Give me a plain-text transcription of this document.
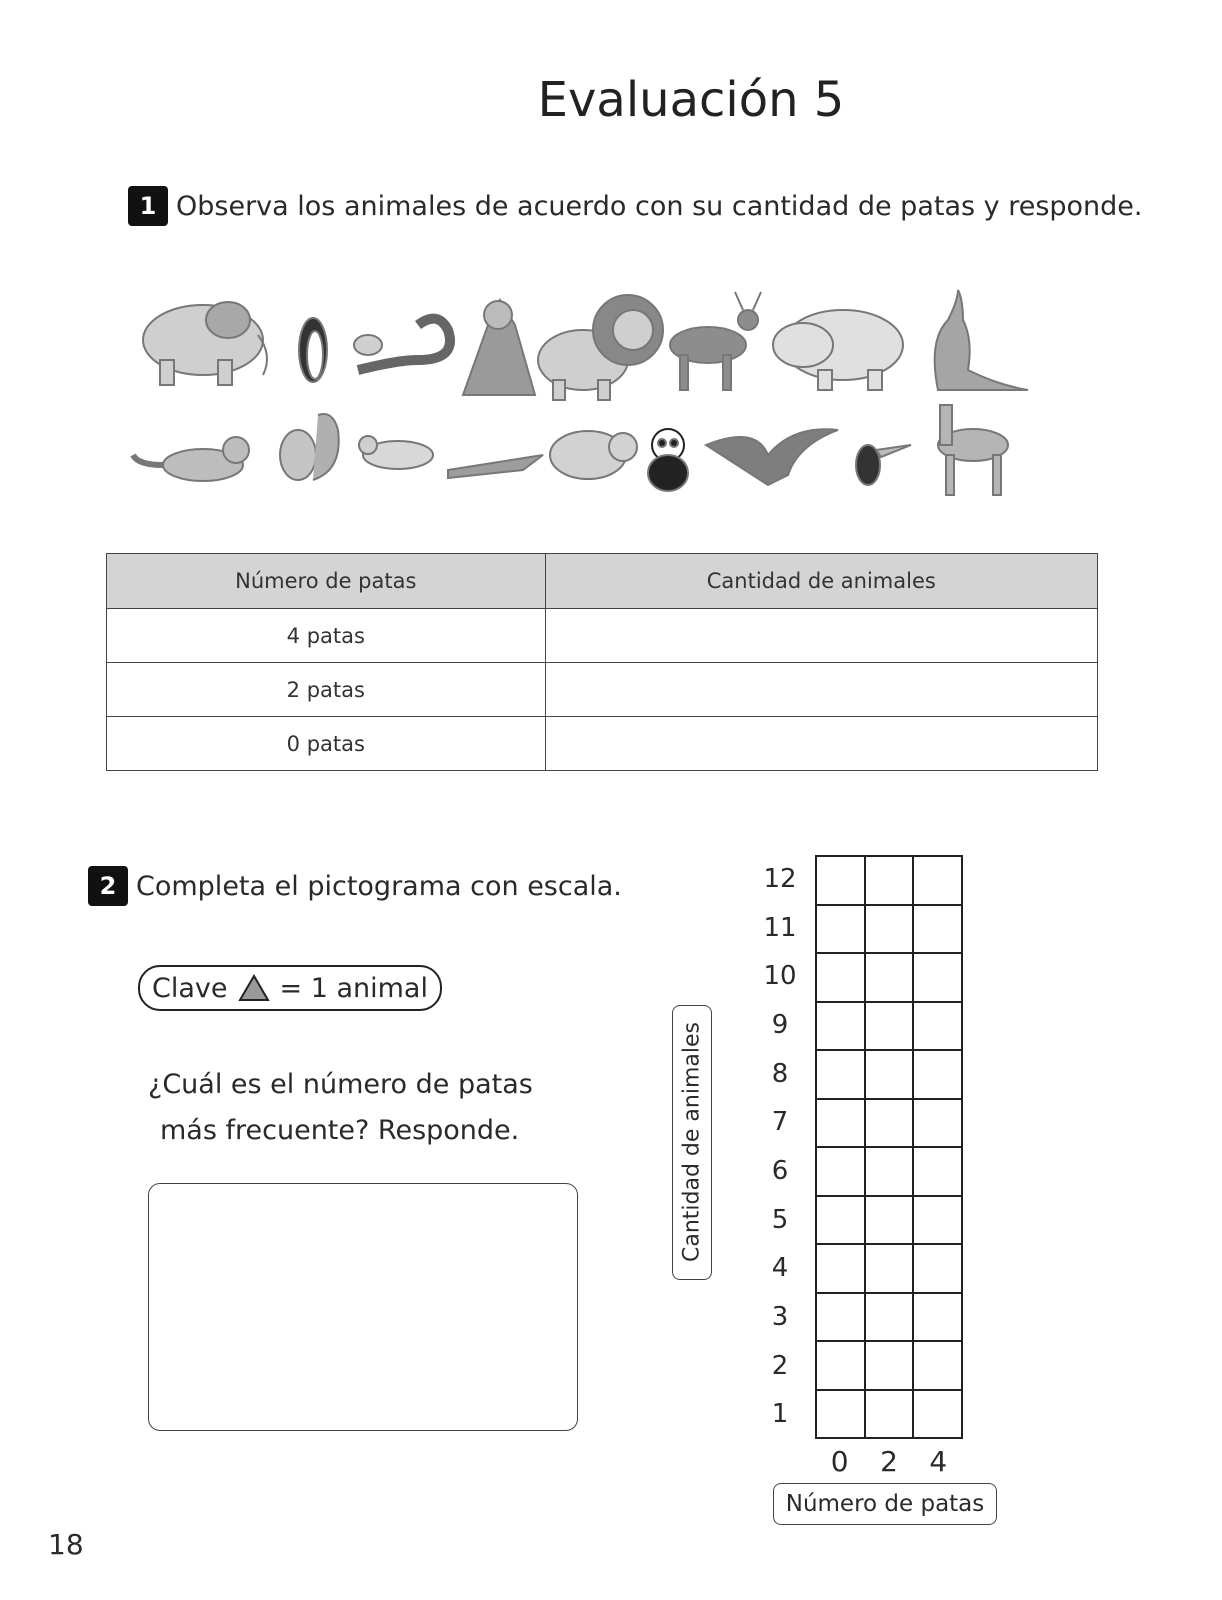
Evaluación 5
1 Observa los animales de acuerdo con su cantidad de patas y responde.
Número de patas	Cantidad de animales
4 patas	
2 patas	
0 patas	
2 Completa el pictograma con escala.
Clave = 1 animal
¿Cuál es el número de patas
más frecuente? Responde.	Cantidad de animales
12
11
10
9
8
7
6
5
4
3
2
1
0	2	4
Número de patas
18
